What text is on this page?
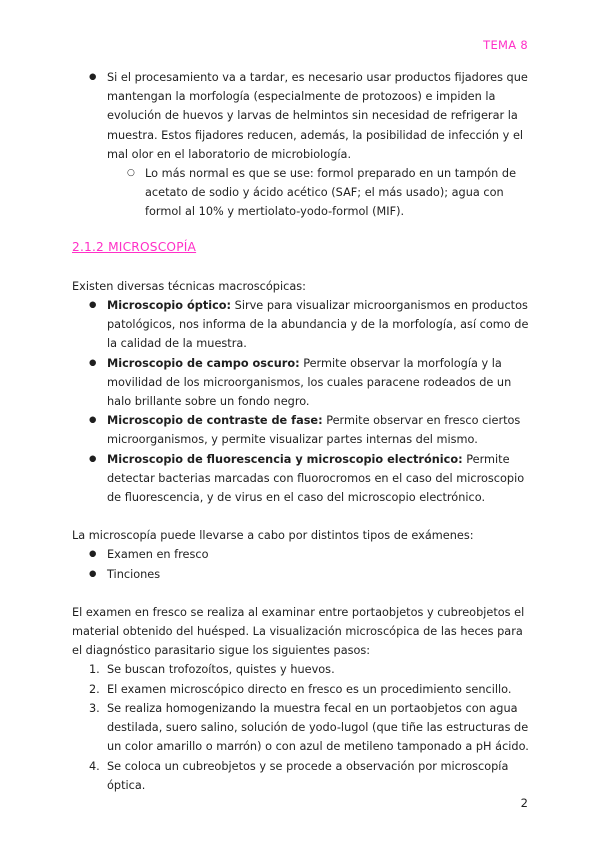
TEMA 8
● Si el procesamiento va a tardar, es necesario usar productos fijadores que mantengan la morfología (especialmente de protozoos) e impiden la evolución de huevos y larvas de helmintos sin necesidad de refrigerar la muestra. Estos fijadores reducen, además, la posibilidad de infección y el mal olor en el laboratorio de microbiología.
○ Lo más normal es que se use: formol preparado en un tampón de acetato de sodio y ácido acético (SAF; el más usado); agua con formol al 10% y mertiolato-yodo-formol (MIF).
2.1.2 MICROSCOPÍA

Existen diversas técnicas macroscópicas:

● Microscopio óptico: Sirve para visualizar microorganismos en productos patológicos, nos informa de la abundancia y de la morfología, así como de la calidad de la muestra.
● Microscopio de campo oscuro: Permite observar la morfología y la movilidad de los microorganismos, los cuales paracene rodeados de un halo brillante sobre un fondo negro.
● Microscopio de contraste de fase: Permite observar en fresco ciertos microorganismos, y permite visualizar partes internas del mismo.
● Microscopio de fluorescencia y microscopio electrónico: Permite detectar bacterias marcadas con fluorocromos en el caso del microscopio de fluorescencia, y de virus en el caso del microscopio electrónico.

La microscopía puede llevarse a cabo por distintos tipos de exámenes:

● Examen en fresco
● Tinciones

El examen en fresco se realiza al examinar entre portaobjetos y cubreobjetos el material obtenido del huésped. La visualización microscópica de las heces para el diagnóstico parasitario sigue los siguientes pasos:

1. Se buscan trofozoítos, quistes y huevos.
2. El examen microscópico directo en fresco es un procedimiento sencillo.
3. Se realiza homogenizando la muestra fecal en un portaobjetos con agua destilada, suero salino, solución de yodo-lugol (que tiñe las estructuras de un color amarillo o marrón) o con azul de metileno tamponado a pH ácido.
4. Se coloca un cubreobjetos y se procede a observación por microscopía óptica.
2
